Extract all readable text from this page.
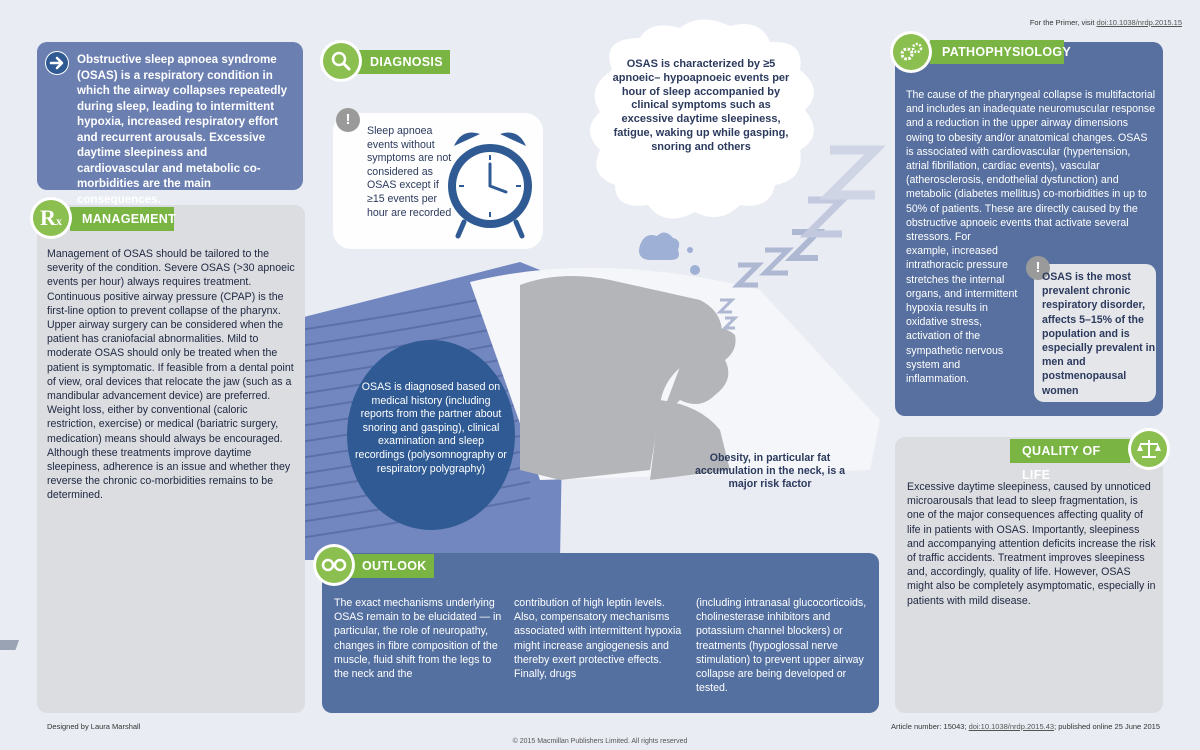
For the Primer, visit doi:10.1038/nrdp.2015.15
Obstructive sleep apnoea syndrome (OSAS) is a respiratory condition in which the airway collapses repeatedly during sleep, leading to intermittent hypoxia, increased respiratory effort and recurrent arousals. Excessive daytime sleepiness and cardiovascular and metabolic co-morbidities are the main consequences.
DIAGNOSIS
!
Sleep apnoea events without symptoms are not considered as OSAS except if ≥15 events per hour are recorded
OSAS is characterized by ≥5 apnoeic– hypoapnoeic events per hour of sleep accompanied by clinical symptoms such as excessive daytime sleepiness, fatigue, waking up while gasping, snoring and others
PATHOPHYSIOLOGY
The cause of the pharyngeal collapse is multifactorial and includes an inadequate neuromuscular response and a reduction in the upper airway dimensions owing to obesity and/or anatomical changes. OSAS is associated with cardiovascular (hypertension, atrial fibrillation, cardiac events), vascular (atherosclerosis, endothelial dysfunction) and metabolic (diabetes mellitus) co-morbidities in up to 50% of patients. These are directly caused by the obstructive apnoeic events that activate several stressors. For
example, increased intrathoracic pressure stretches the internal organs, and intermittent hypoxia results in oxidative stress, activation of the sympathetic nervous system and inflammation.
!
OSAS is the most prevalent chronic respiratory disorder, affects 5–15% of the population and is especially prevalent in men and postmenopausal women
MANAGEMENT
Rx
Management of OSAS should be tailored to the severity of the condition. Severe OSAS (>30 apnoeic events per hour) always requires treatment. Continuous positive airway pressure (CPAP) is the first-line option to prevent collapse of the pharynx. Upper airway surgery can be considered when the patient has craniofacial abnormalities. Mild to moderate OSAS should only be treated when the patient is symptomatic. If feasible from a dental point of view, oral devices that relocate the jaw (such as a mandibular advancement device) are preferred. Weight loss, either by conventional (caloric restriction, exercise) or medical (bariatric surgery, medication) means should always be encouraged. Although these treatments improve daytime sleepiness, adherence is an issue and whether they reverse the chronic co-morbidities remains to be determined.
OSAS is diagnosed based on medical history (including reports from the partner about snoring and gasping), clinical examination and sleep recordings (polysomnography or respiratory polygraphy)
Obesity, in particular fat accumulation in the neck, is a major risk factor
OUTLOOK
The exact mechanisms underlying OSAS remain to be elucidated — in particular, the role of neuropathy, changes in fibre composition of the muscle, fluid shift from the legs to the neck and the
contribution of high leptin levels. Also, compensatory mechanisms associated with intermittent hypoxia might increase angiogenesis and thereby exert protective effects. Finally, drugs
(including intranasal glucocorticoids, cholinesterase inhibitors and potassium channel blockers) or treatments (hypoglossal nerve stimulation) to prevent upper airway collapse are being developed or tested.
QUALITY OF LIFE
Excessive daytime sleepiness, caused by unnoticed microarousals that lead to sleep fragmentation, is one of the major consequences affecting quality of life in patients with OSAS. Importantly, sleepiness and accompanying attention deficits increase the risk of traffic accidents. Treatment improves sleepiness and, accordingly, quality of life. However, OSAS might also be completely asymptomatic, especially in patients with mild disease.
Designed by Laura Marshall
© 2015 Macmillan Publishers Limited. All rights reserved
Article number: 15043; doi:10.1038/nrdp.2015.43; published online 25 June 2015
